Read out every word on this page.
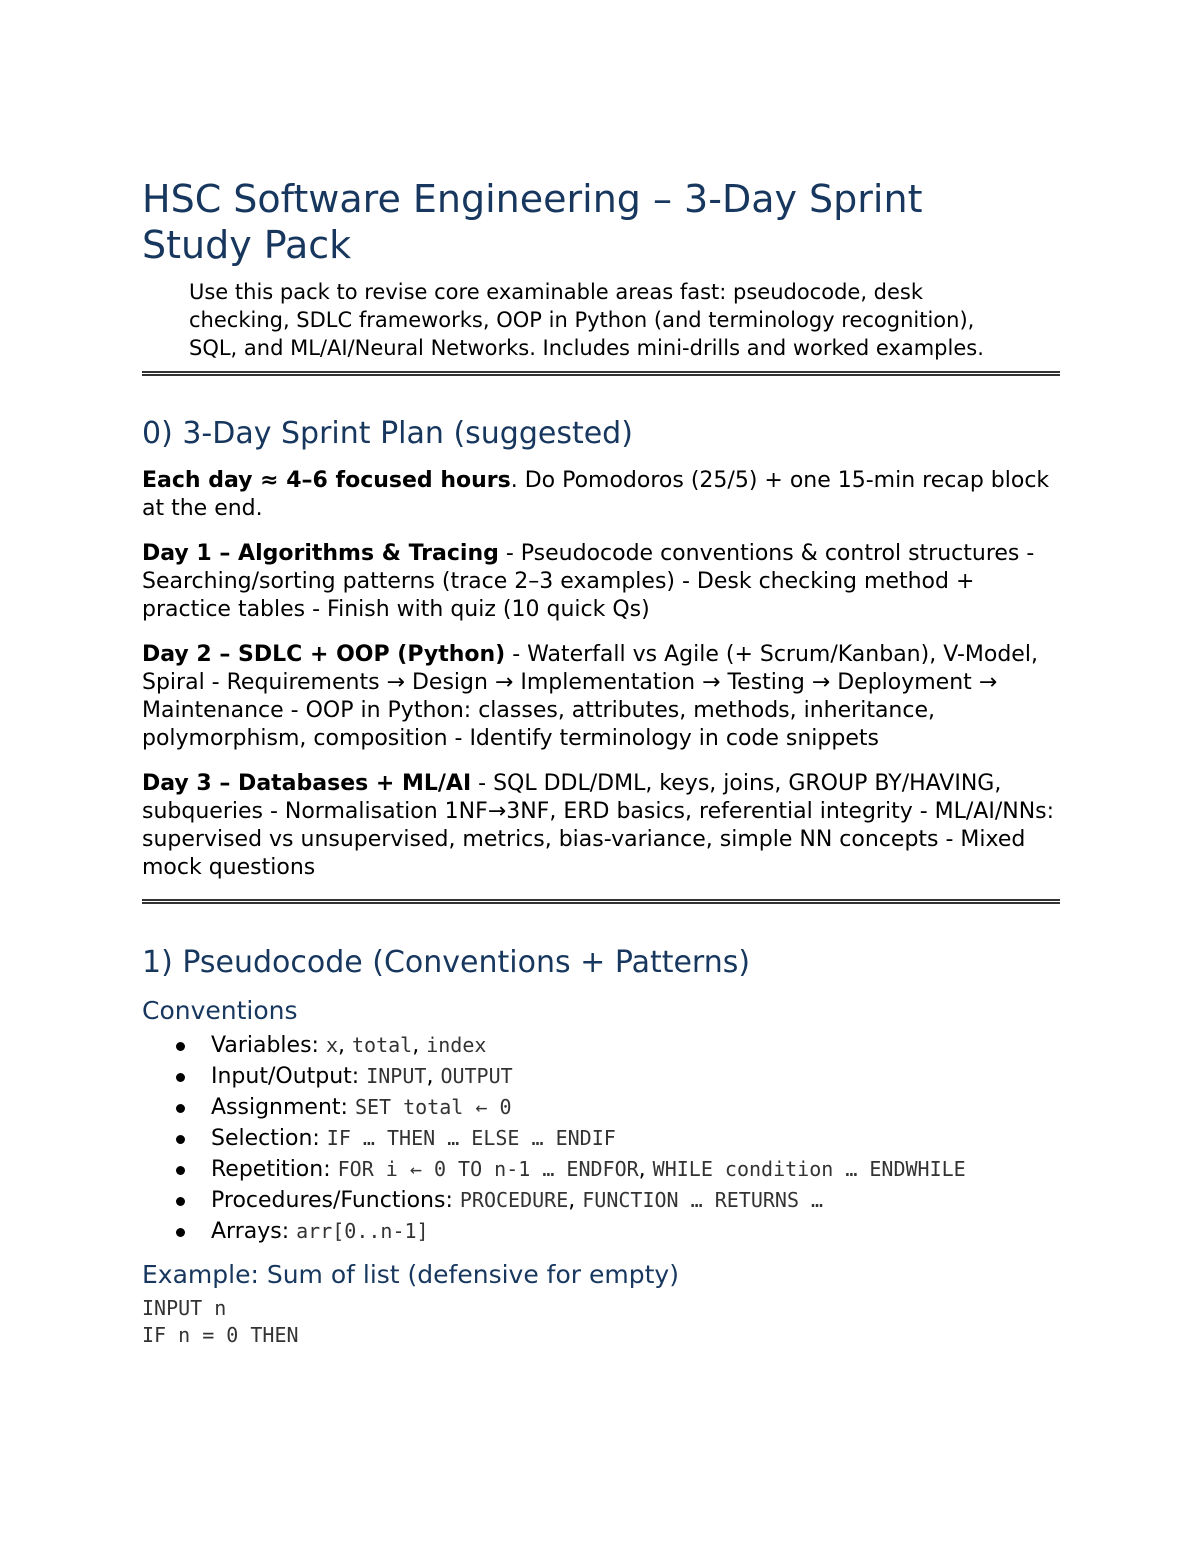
HSC Software Engineering – 3-Day Sprint
Study Pack

Use this pack to revise core examinable areas fast: pseudocode, desk checking, SDLC frameworks, OOP in Python (and terminology recognition), SQL, and ML/AI/Neural Networks. Includes mini-drills and worked examples.

0) 3-Day Sprint Plan (suggested)

Each day ≈ 4–6 focused hours. Do Pomodoros (25/5) + one 15-min recap block at the end.

Day 1 – Algorithms & Tracing - Pseudocode conventions & control structures - Searching/sorting patterns (trace 2–3 examples) - Desk checking method + practice tables - Finish with quiz (10 quick Qs)

Day 2 – SDLC + OOP (Python) - Waterfall vs Agile (+ Scrum/Kanban), V-Model, Spiral - Requirements → Design → Implementation → Testing → Deployment → Maintenance - OOP in Python: classes, attributes, methods, inheritance, polymorphism, composition - Identify terminology in code snippets

Day 3 – Databases + ML/AI - SQL DDL/DML, keys, joins, GROUP BY/HAVING, subqueries - Normalisation 1NF→3NF, ERD basics, referential integrity - ML/AI/NNs: supervised vs unsupervised, metrics, bias-variance, simple NN concepts - Mixed mock questions

1) Pseudocode (Conventions + Patterns)
Conventions
Variables: x, total, index
Input/Output: INPUT, OUTPUT
Assignment: SET total ← 0
Selection: IF … THEN … ELSE … ENDIF
Repetition: FOR i ← 0 TO n-1 … ENDFOR, WHILE condition … ENDWHILE
Procedures/Functions: PROCEDURE, FUNCTION … RETURNS …
Arrays: arr[0..n-1]
Example: Sum of list (defensive for empty)
INPUT n
IF n = 0 THEN
